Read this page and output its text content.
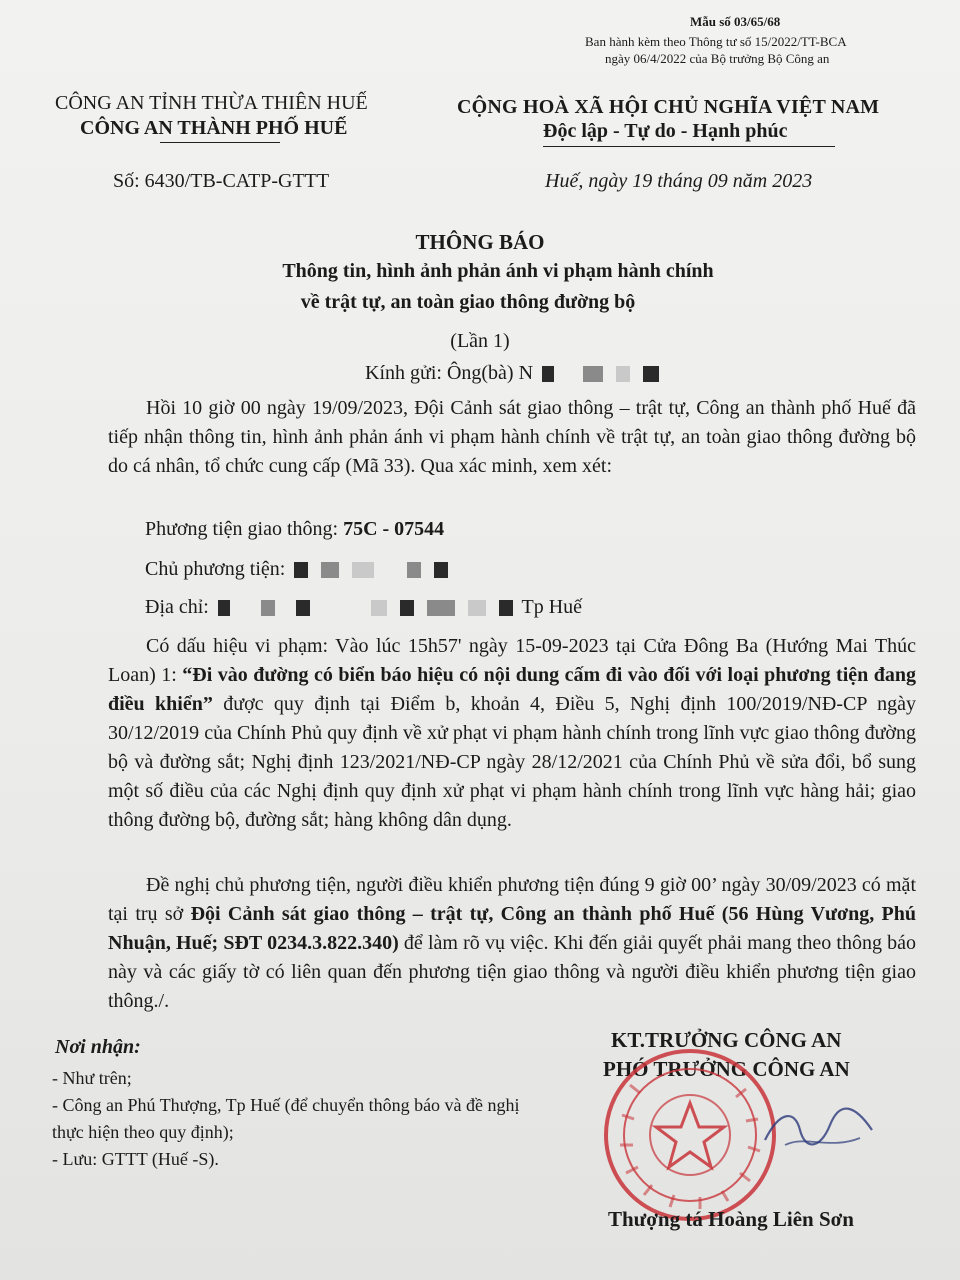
Mẫu số 03/65/68
Ban hành kèm theo Thông tư số 15/2022/TT-BCA
ngày 06/4/2022 của Bộ trưởng Bộ Công an
CÔNG AN TỈNH THỪA THIÊN HUẾ
CÔNG AN THÀNH PHỐ HUẾ
CỘNG HOÀ XÃ HỘI CHỦ NGHĨA VIỆT NAM
Độc lập - Tự do - Hạnh phúc
Số: 6430/TB-CATP-GTTT	Huế, ngày 19 tháng 09 năm 2023
THÔNG BÁO
Thông tin, hình ảnh phản ánh vi phạm hành chính
về trật tự, an toàn giao thông đường bộ
(Lần 1)
Kính gửi: Ông(bà) N
Hồi 10 giờ 00 ngày 19/09/2023, Đội Cảnh sát giao thông – trật tự, Công an thành phố Huế đã tiếp nhận thông tin, hình ảnh phản ánh vi phạm hành chính về trật tự, an toàn giao thông đường bộ do cá nhân, tổ chức cung cấp (Mã 33). Qua xác minh, xem xét:
Phương tiện giao thông: 75C - 07544
Chủ phương tiện:
Địa chỉ:	Tp Huế
Có dấu hiệu vi phạm: Vào lúc 15h57' ngày 15-09-2023 tại Cửa Đông Ba (Hướng Mai Thúc Loan) 1: “Đi vào đường có biển báo hiệu có nội dung cấm đi vào đối với loại phương tiện đang điều khiển” được quy định tại Điểm b, khoản 4, Điều 5, Nghị định 100/2019/NĐ-CP ngày 30/12/2019 của Chính Phủ quy định về xử phạt vi phạm hành chính trong lĩnh vực giao thông đường bộ và đường sắt; Nghị định 123/2021/NĐ-CP ngày 28/12/2021 của Chính Phủ về sửa đổi, bổ sung một số điều của các Nghị định quy định xử phạt vi phạm hành chính trong lĩnh vực hàng hải; giao thông đường bộ, đường sắt; hàng không dân dụng.
Đề nghị chủ phương tiện, người điều khiển phương tiện đúng 9 giờ 00’ ngày 30/09/2023 có mặt tại trụ sở Đội Cảnh sát giao thông – trật tự, Công an thành phố Huế (56 Hùng Vương, Phú Nhuận, Huế; SĐT 0234.3.822.340) để làm rõ vụ việc. Khi đến giải quyết phải mang theo thông báo này và các giấy tờ có liên quan đến phương tiện giao thông và người điều khiển phương tiện giao thông./.
Nơi nhận:
- Như trên;
- Công an Phú Thượng, Tp Huế (để chuyển thông báo và đề nghị thực hiện theo quy định);
- Lưu: GTTT (Huế -S).
KT.TRƯỞNG CÔNG AN
PHÓ TRƯỞNG CÔNG AN
Thượng tá Hoàng Liên Sơn
